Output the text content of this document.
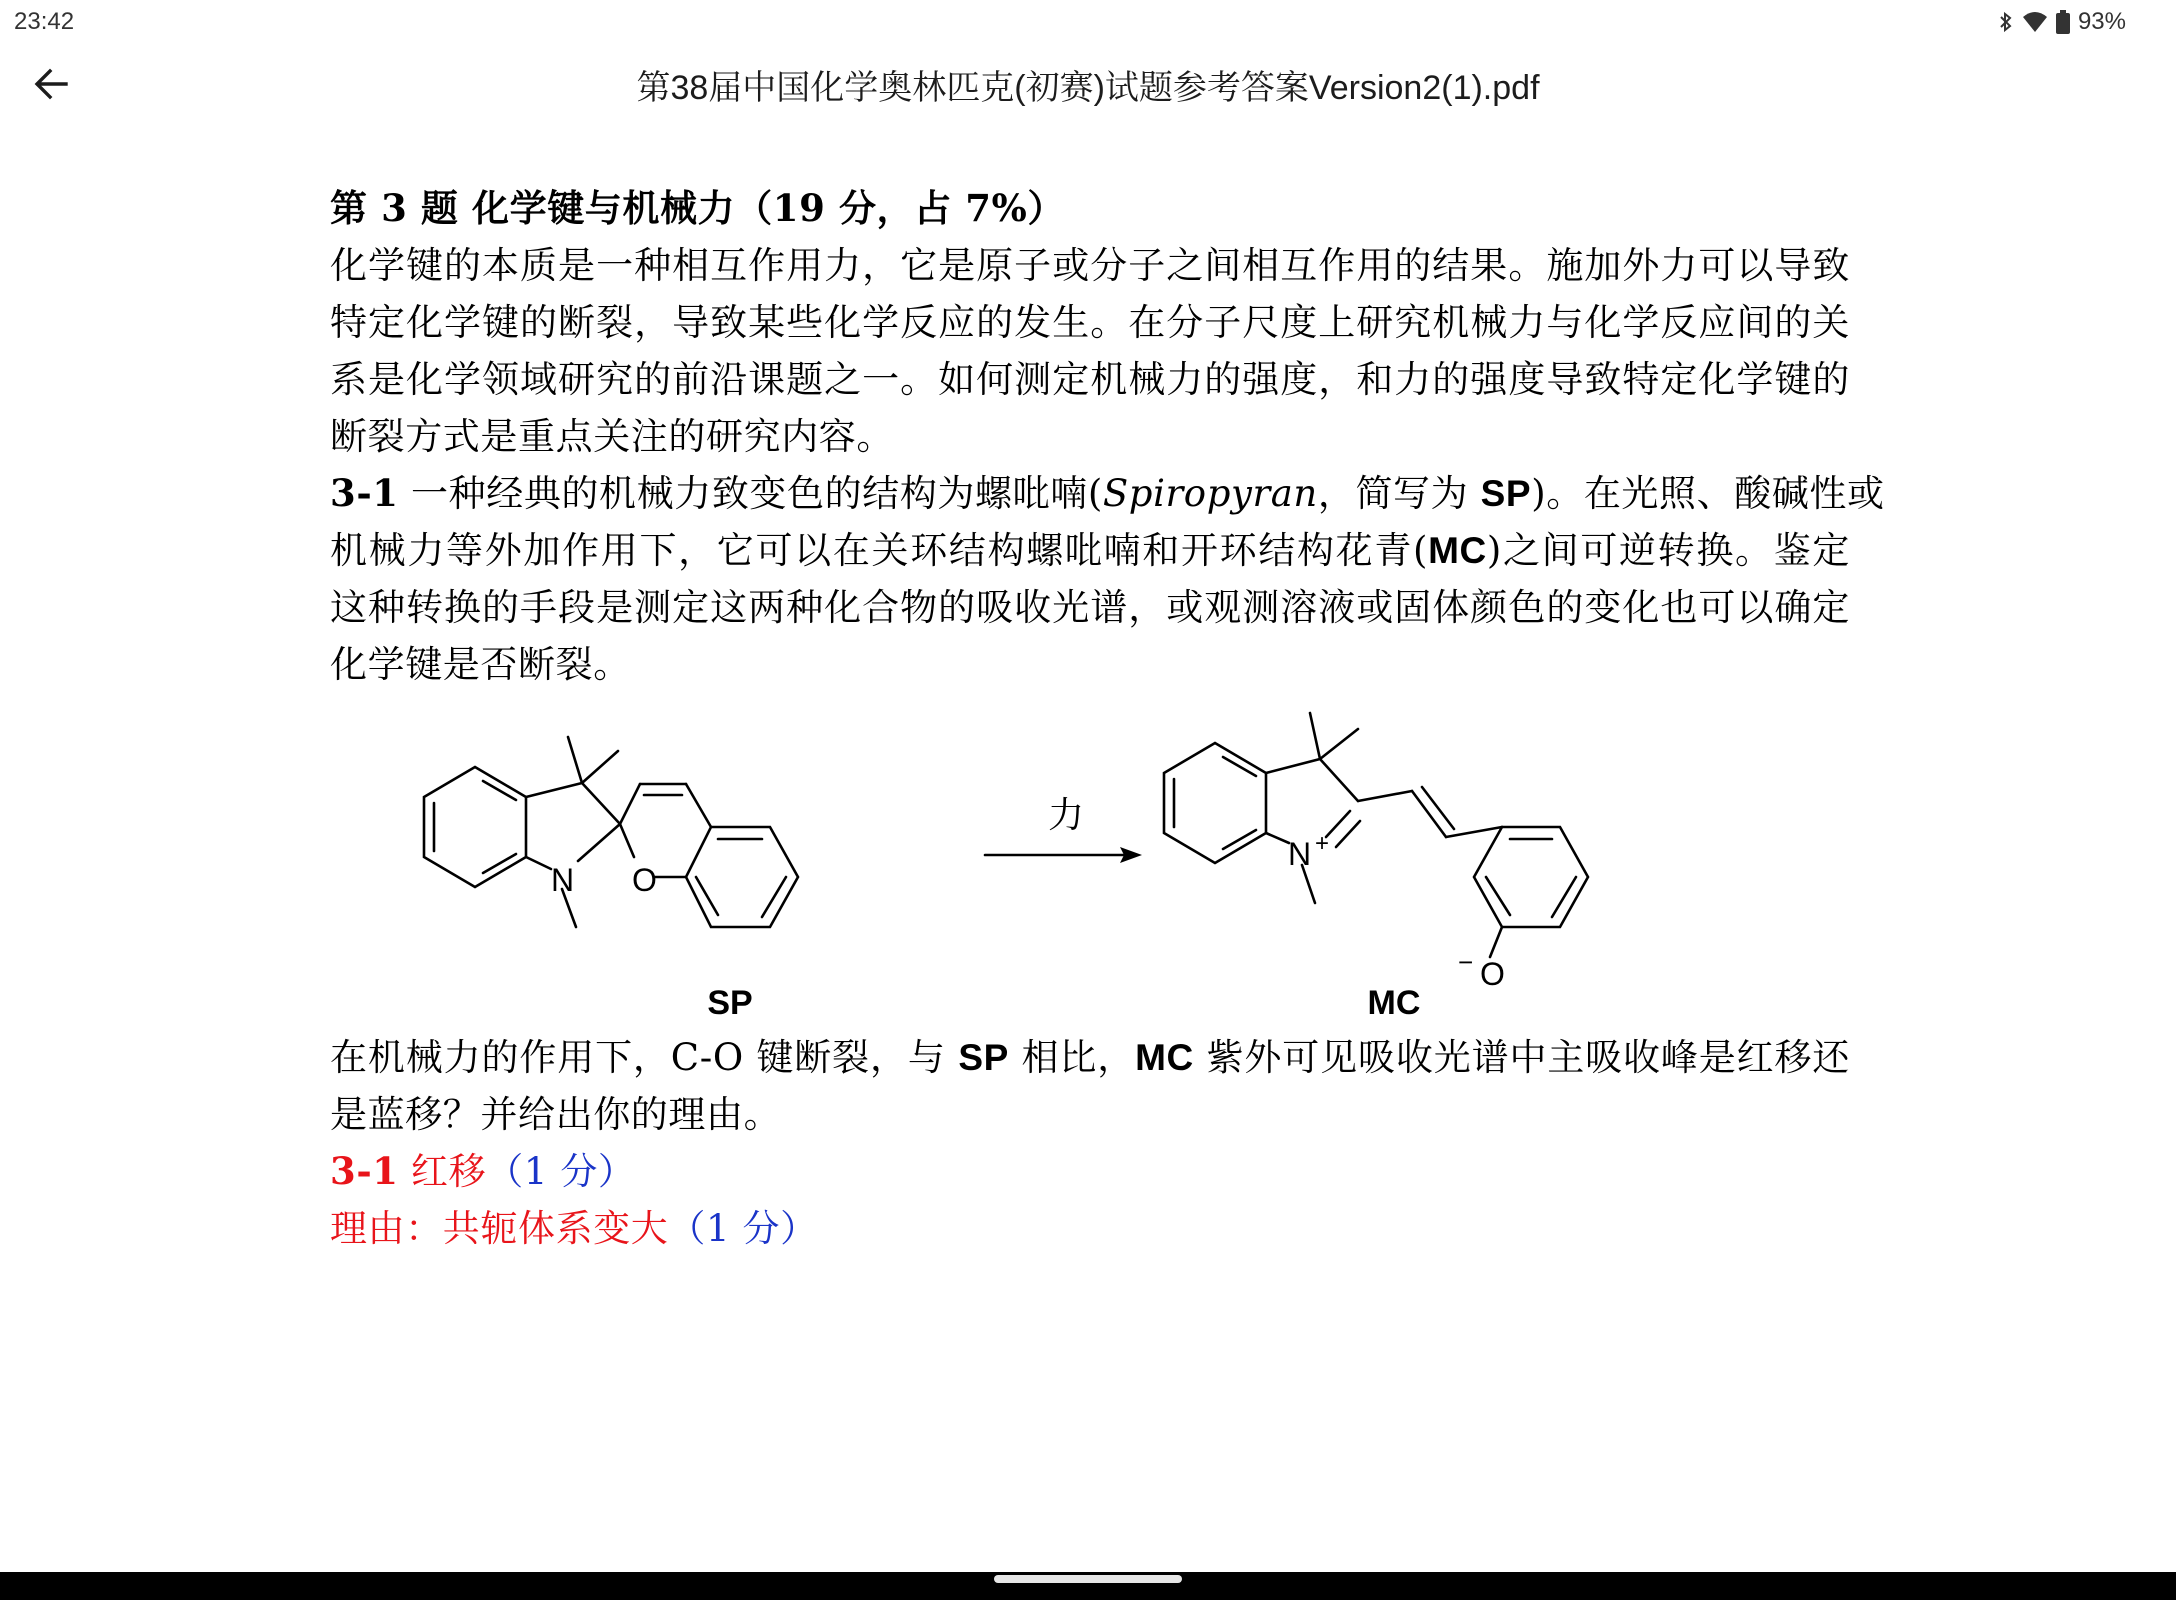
23:42	93%
第38届中国化学奥林匹克(初赛)试题参考答案Version2(1).pdf
第 3 题 化学键与机械力（19 分，占 7%）
化学键的本质是一种相互作用力，它是原子或分子之间相互作用的结果。施加外力可以导致
特定化学键的断裂，导致某些化学反应的发生。在分子尺度上研究机械力与化学反应间的关
系是化学领域研究的前沿课题之一。如何测定机械力的强度，和力的强度导致特定化学键的
断裂方式是重点关注的研究内容。
3-1 一种经典的机械力致变色的结构为螺吡喃(Spiropyran，简写为 SP)。在光照、酸碱性或
机械力等外加作用下，它可以在关环结构螺吡喃和开环结构花青(MC)之间可逆转换。鉴定
这种转换的手段是测定这两种化合物的吸收光谱，或观测溶液或固体颜色的变化也可以确定
化学键是否断裂。
N O
N +
O
−
力
SP	MC
在机械力的作用下，C-O 键断裂，与 SP 相比，MC 紫外可见吸收光谱中主吸收峰是红移还
是蓝移？并给出你的理由。
3-1 红移（1 分）
理由：共轭体系变大（1 分）
